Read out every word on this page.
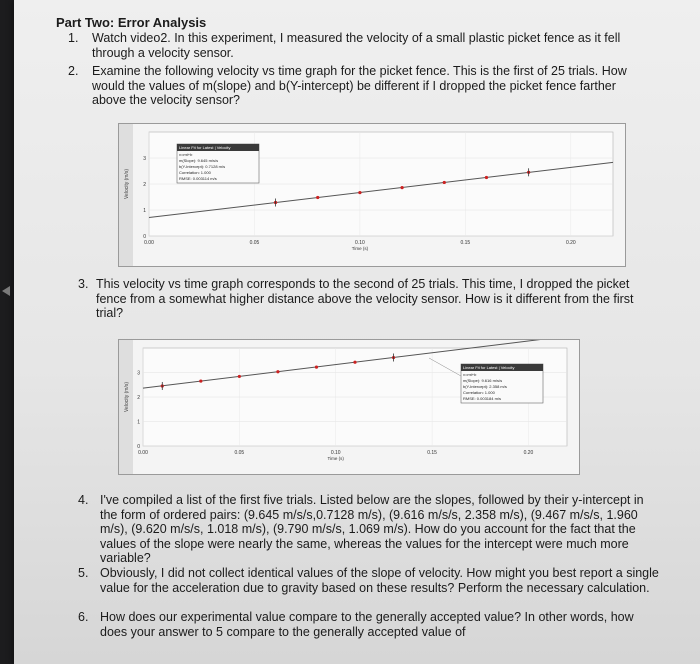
Part Two: Error Analysis
1. Watch video2. In this experiment, I measured the velocity of a small plastic picket fence as it fell through a velocity sensor.
2. Examine the following velocity vs time graph for the picket fence. This is the first of 25 trials. How would the values of m(slope) and b(Y-intercept) be different if I dropped the picket fence farther above the velocity sensor?
Velocity (m/s)
0
1
2
3
0.00	0.05	0.10	0.15	0.20
Time (s)
Linear Fit for Latest | Velocity
v=mt+b
m(Slope): 9.645 m/s/s
b(Y-Intercept): 0.7128 m/s
Correlation: 1.000
RMSE: 0.003114 m/s
3. This velocity vs time graph corresponds to the second of 25 trials. This time, I dropped the picket fence from a somewhat higher distance above the velocity sensor. How is it different from the first trial?
Velocity (m/s)
0
1
2
3
0.00	0.05	0.10	0.15	0.20
Time (s)
Linear Fit for Latest | Velocity
v=mt+b
m(Slope): 9.616 m/s/s
b(Y-Intercept): 2.358 m/s
Correlation: 1.000
RMSE: 0.003184 m/s
4. I've compiled a list of the first five trials. Listed below are the slopes, followed by their y-intercept in the form of ordered pairs: (9.645 m/s/s,0.7128 m/s), (9.616 m/s/s, 2.358 m/s), (9.467 m/s/s, 1.960 m/s), (9.620 m/s/s, 1.018 m/s), (9.790 m/s/s, 1.069 m/s). How do you account for the fact that the values of the slope were nearly the same, whereas the values for the intercept were much more variable?
5. Obviously, I did not collect identical values of the slope of velocity. How might you best report a single value for the acceleration due to gravity based on these results? Perform the necessary calculation.
6. How does our experimental value compare to the generally accepted value? In other words, how does your answer to 5 compare to the generally accepted value of
